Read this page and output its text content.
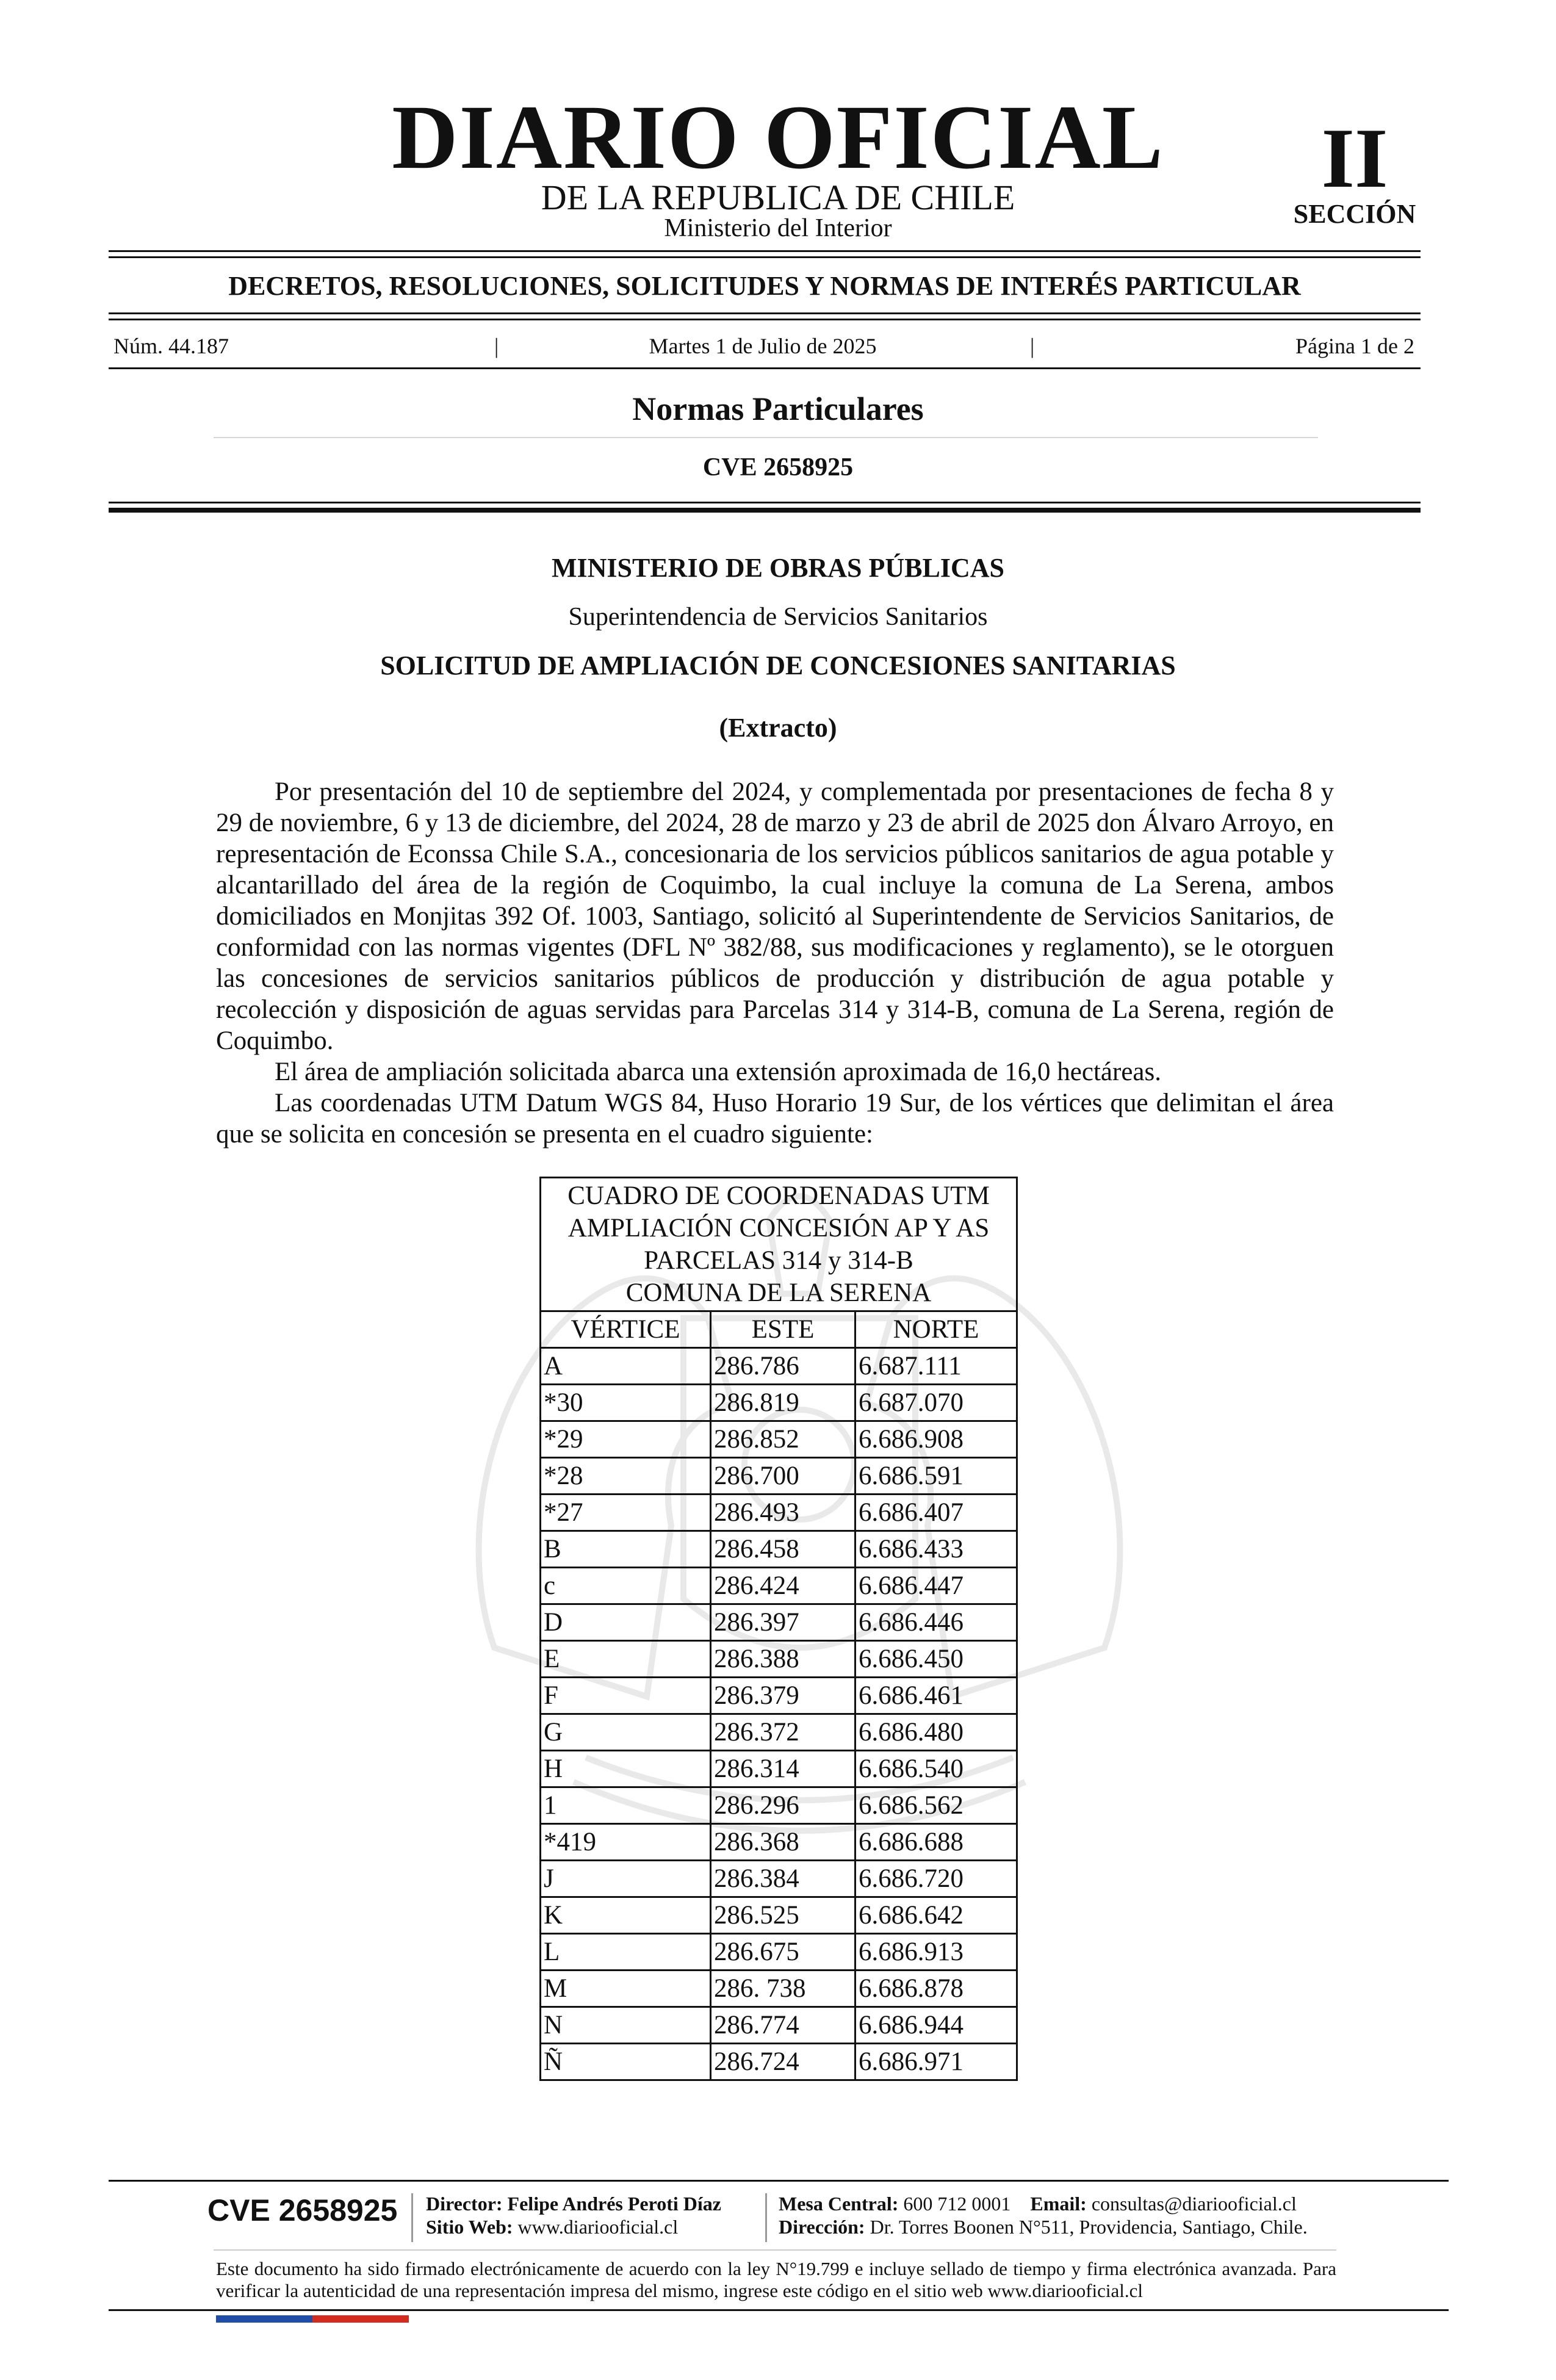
DIARIO OFICIAL
DE LA REPUBLICA DE CHILE
Ministerio del Interior
II
SECCIÓN
DECRETOS, RESOLUCIONES, SOLICITUDES Y NORMAS DE INTERÉS PARTICULAR
Núm. 44.187	|	Martes 1 de Julio de 2025	|	Página 1 de 2
Normas Particulares
CVE 2658925
MINISTERIO DE OBRAS PÚBLICAS
Superintendencia de Servicios Sanitarios
SOLICITUD DE AMPLIACIÓN DE CONCESIONES SANITARIAS
(Extracto)

Por presentación del 10 de septiembre del 2024, y complementada por presentaciones de fecha 8 y 29 de noviembre, 6 y 13 de diciembre, del 2024, 28 de marzo y 23 de abril de 2025 don Álvaro Arroyo, en representación de Econssa Chile S.A., concesionaria de los servicios públicos sanitarios de agua potable y alcantarillado del área de la región de Coquimbo, la cual incluye la comuna de La Serena, ambos domiciliados en Monjitas 392 Of. 1003, Santiago, solicitó al Superintendente de Servicios Sanitarios, de conformidad con las normas vigentes (DFL Nº 382/88, sus modificaciones y reglamento), se le otorguen las concesiones de servicios sanitarios públicos de producción y distribución de agua potable y recolección y disposición de aguas servidas para Parcelas 314 y 314-B, comuna de La Serena, región de Coquimbo.

El área de ampliación solicitada abarca una extensión aproximada de 16,0 hectáreas.

Las coordenadas UTM Datum WGS 84, Huso Horario 19 Sur, de los vértices que delimitan el área que se solicita en concesión se presenta en el cuadro siguiente:

CUADRO DE COORDENADAS UTM
AMPLIACIÓN CONCESIÓN AP Y AS
PARCELAS 314 y 314-B
COMUNA DE LA SERENA		

VÉRTICE	ESTE	NORTE
A	286.786	6.687.111
*30	286.819	6.687.070
*29	286.852	6.686.908
*28	286.700	6.686.591
*27	286.493	6.686.407
B	286.458	6.686.433
c	286.424	6.686.447
D	286.397	6.686.446
E	286.388	6.686.450
F	286.379	6.686.461
G	286.372	6.686.480
H	286.314	6.686.540
1	286.296	6.686.562
*419	286.368	6.686.688
J	286.384	6.686.720
K	286.525	6.686.642
L	286.675	6.686.913
M	286. 738	6.686.878
N	286.774	6.686.944
Ñ	286.724	6.686.971
CVE 2658925 Director: Felipe Andrés Peroti Díaz
Sitio Web: www.diariooficial.cl
Mesa Central: 600 712 0001 Email: consultas@diariooficial.cl
Dirección: Dr. Torres Boonen N°511, Providencia, Santiago, Chile.
Este documento ha sido firmado electrónicamente de acuerdo con la ley N°19.799 e incluye sellado de tiempo y firma electrónica avanzada. Para verificar la autenticidad de una representación impresa del mismo, ingrese este código en el sitio web www.diariooficial.cl
